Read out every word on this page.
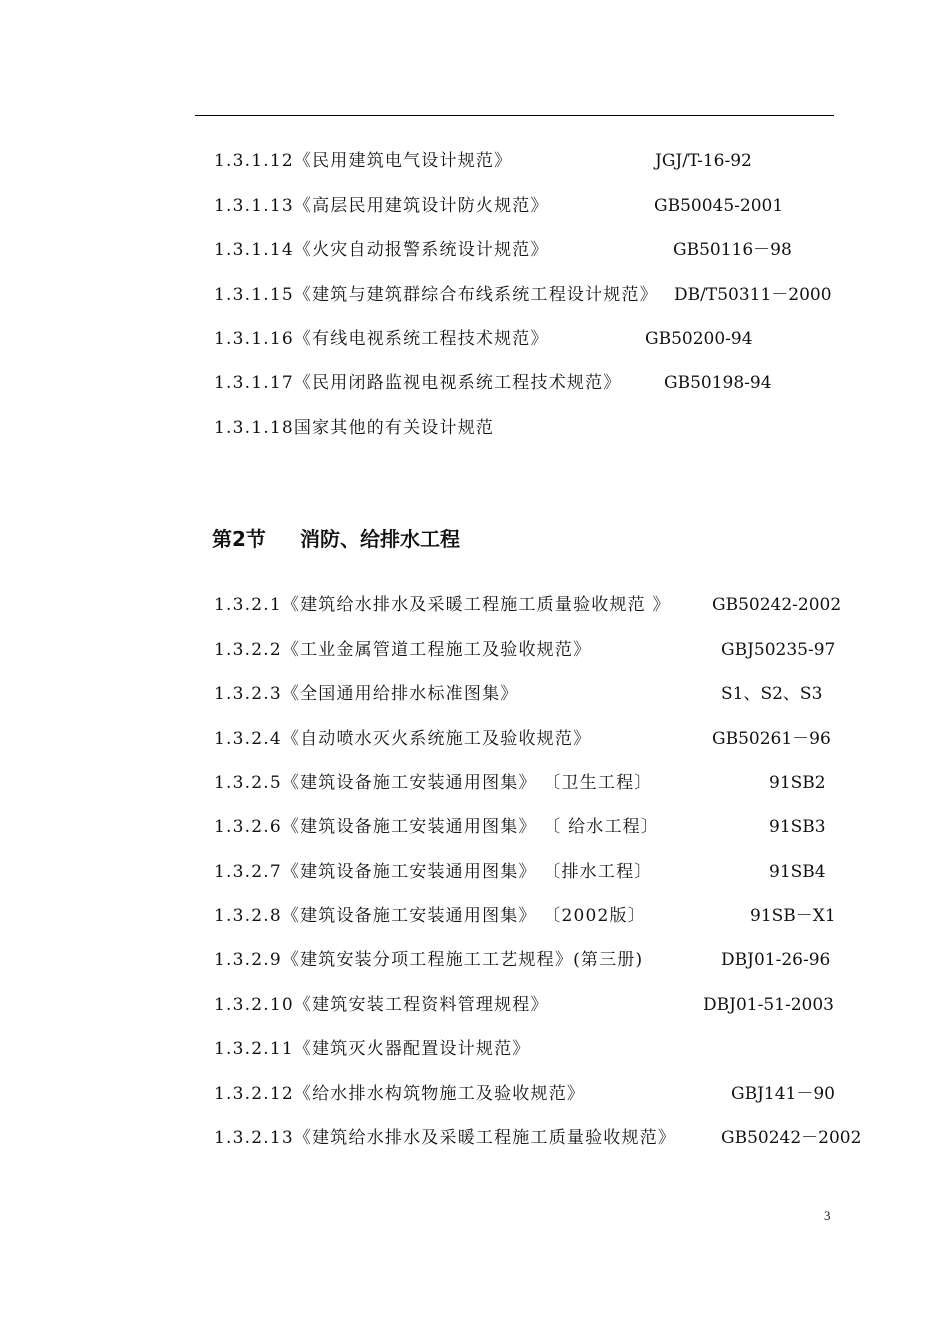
1.3.1.12《民用建筑电气设计规范》	JGJ/T-16-92
1.3.1.13《高层民用建筑设计防火规范》	GB50045-2001
1.3.1.14《火灾自动报警系统设计规范》	GB50116－98
1.3.1.15《建筑与建筑群综合布线系统工程设计规范》 DB/T50311－2000
1.3.1.16《有线电视系统工程技术规范》	GB50200-94
1.3.1.17《民用闭路监视电视系统工程技术规范》	GB50198-94
1.3.1.18国家其他的有关设计规范
第2节 消防、给排水工程
1.3.2.1《建筑给水排水及采暖工程施工质量验收规范 》 GB50242-2002
1.3.2.2《工业金属管道工程施工及验收规范》	GBJ50235-97
1.3.2.3《全国通用给排水标准图集》	S1、S2、S3
1.3.2.4《自动喷水灭火系统施工及验收规范》	GB50261－96
1.3.2.5《建筑设备施工安装通用图集》 〔卫生工程〕	91SB2
1.3.2.6《建筑设备施工安装通用图集》 〔 给水工程〕	91SB3
1.3.2.7《建筑设备施工安装通用图集》 〔排水工程〕	91SB4
1.3.2.8《建筑设备施工安装通用图集》 〔2002版〕	91SB－X1
1.3.2.9《建筑安装分项工程施工工艺规程》(第三册)	DBJ01-26-96
1.3.2.10《建筑安装工程资料管理规程》	DBJ01-51-2003
1.3.2.11《建筑灭火器配置设计规范》
1.3.2.12《给水排水构筑物施工及验收规范》	GBJ141－90
1.3.2.13《建筑给水排水及采暖工程施工质量验收规范》	GB50242－2002
3
